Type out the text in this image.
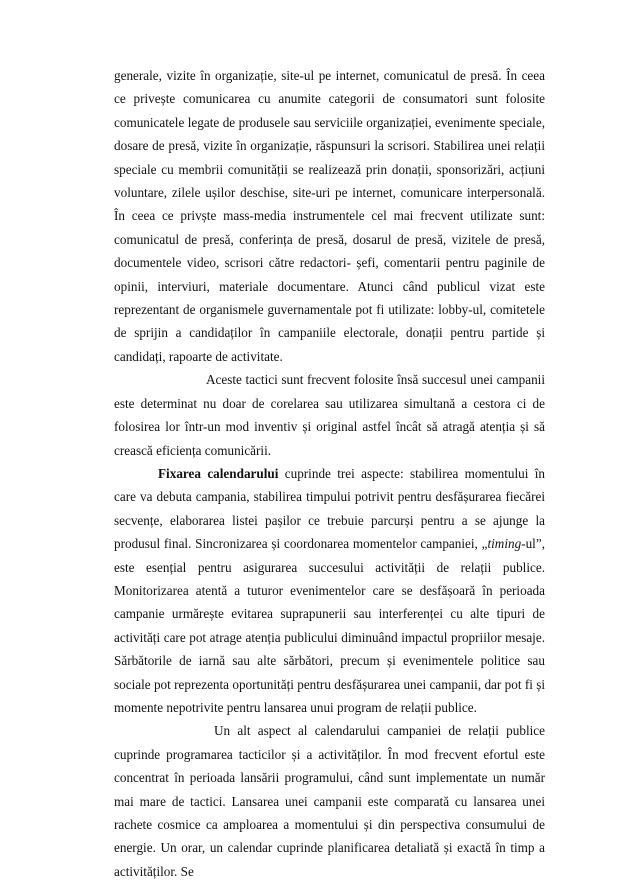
generale, vizite în organizație, site-ul pe internet, comunicatul de presă. În ceea ce privește comunicarea cu anumite categorii de consumatori sunt folosite comunicatele legate de produsele sau serviciile organizației, evenimente speciale, dosare de presă, vizite în organizație, răspunsuri la scrisori. Stabilirea unei relații speciale cu membrii comunității se realizează prin donații, sponsorizări, acțiuni voluntare, zilele ușilor deschise, site-uri pe internet, comunicare interpersonală. În ceea ce privște mass-media instrumentele cel mai frecvent utilizate sunt: comunicatul de presă, conferința de presă, dosarul de presă, vizitele de presă, documentele video, scrisori către redactori- șefi, comentarii pentru paginile de opinii, interviuri, materiale documentare. Atunci când publicul vizat este reprezentant de organismele guvernamentale pot fi utilizate: lobby-ul, comitetele de sprijin a candidaților în campaniile electorale, donații pentru partide și candidați, rapoarte de activitate.

Aceste tactici sunt frecvent folosite însă succesul unei campanii este determinat nu doar de corelarea sau utilizarea simultană a cestora ci de folosirea lor într-un mod inventiv și original astfel încât să atragă atenția și să crească eficiența comunicării.

Fixarea calendarului cuprinde trei aspecte: stabilirea momentului în care va debuta campania, stabilirea timpului potrivit pentru desfășurarea fiecărei secvențe, elaborarea listei pașilor ce trebuie parcurși pentru a se ajunge la produsul final. Sincronizarea și coordonarea momentelor campaniei, „timing-ul”, este esențial pentru asigurarea succesului activității de relații publice. Monitorizarea atentă a tuturor evenimentelor care se desfășoară în perioada campanie urmărește evitarea suprapunerii sau interferenței cu alte tipuri de activități care pot atrage atenția publicului diminuând impactul propriilor mesaje. Sărbătorile de iarnă sau alte sărbători, precum și evenimentele politice sau sociale pot reprezenta oportunități pentru desfășurarea unei campanii, dar pot fi și momente nepotrivite pentru lansarea unui program de relații publice.

Un alt aspect al calendarului campaniei de relații publice cuprinde programarea tacticilor și a activităților. În mod frecvent efortul este concentrat în perioada lansării programului, când sunt implementate un număr mai mare de tactici. Lansarea unei campanii este comparată cu lansarea unei rachete cosmice ca amploarea a momentului și din perspectiva consumului de energie. Un orar, un calendar cuprinde planificarea detaliată și exactă în timp a activităților. Se
